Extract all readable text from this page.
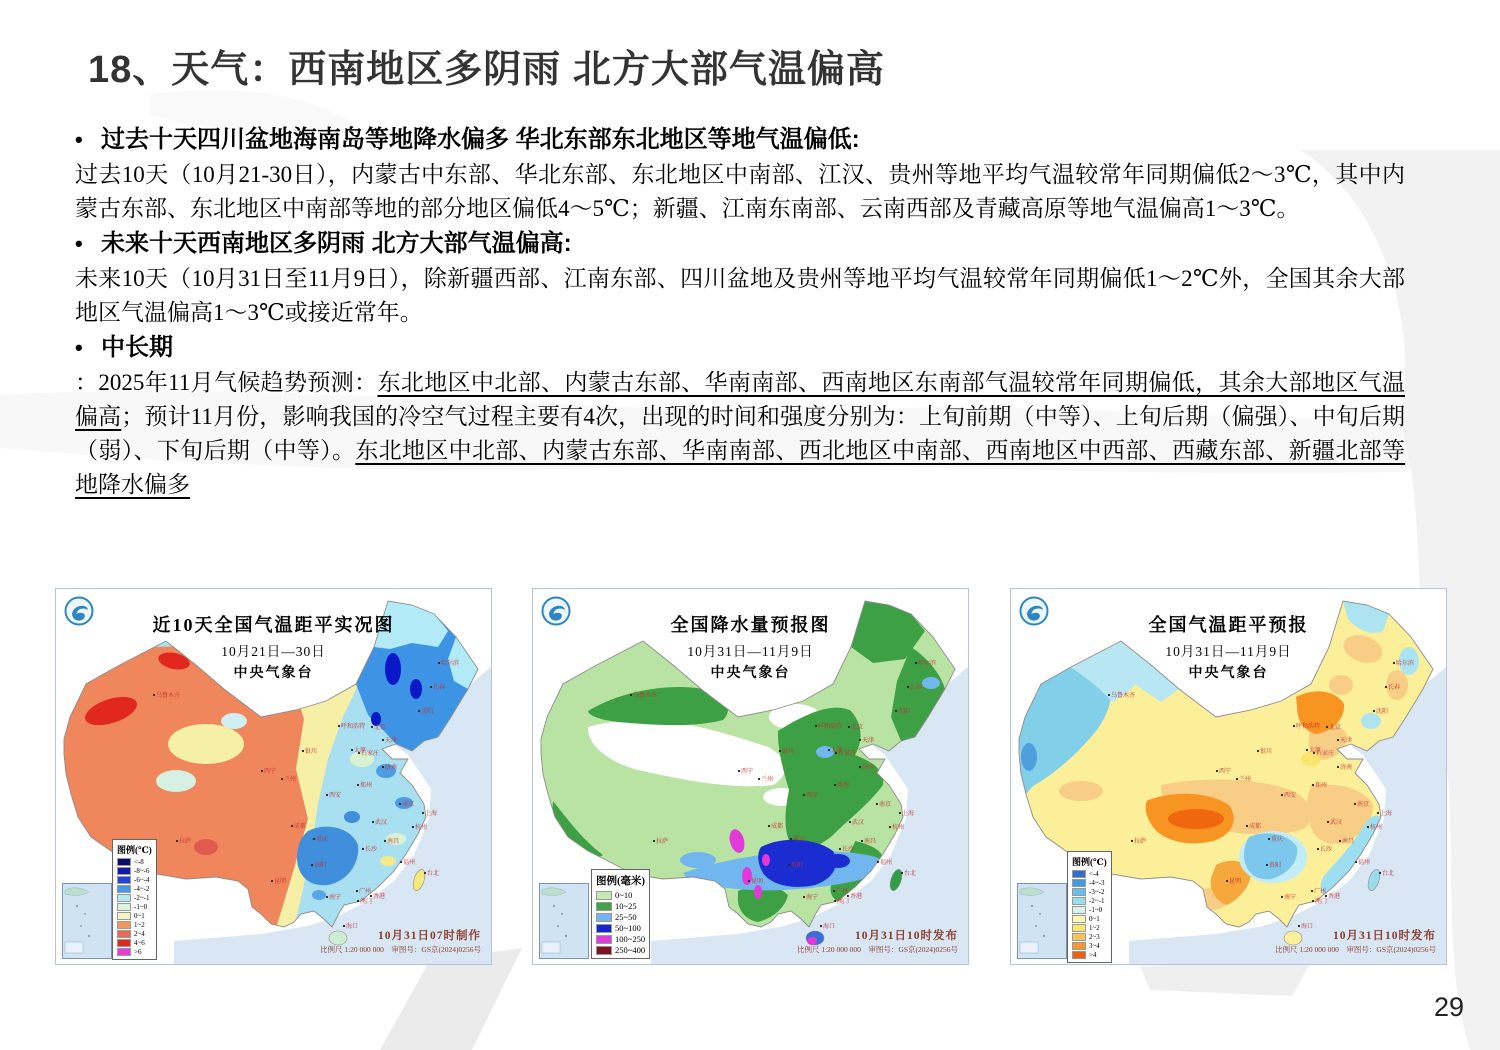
18、天气：西南地区多阴雨 北方大部气温偏高
• 过去十天四川盆地海南岛等地降水偏多 华北东部东北地区等地气温偏低:
过去10天（10月21-30日），内蒙古中东部、华北东部、东北地区中南部、江汉、贵州等地平均气温较常年同期偏低2～3℃，其中内蒙古东部、东北地区中南部等地的部分地区偏低4～5℃；新疆、江南东南部、云南西部及青藏高原等地气温偏高1～3℃。
• 未来十天西南地区多阴雨 北方大部气温偏高:
未来10天（10月31日至11月9日），除新疆西部、江南东部、四川盆地及贵州等地平均气温较常年同期偏低1～2℃外，全国其余大部地区气温偏高1～3℃或接近常年。
• 中长期
：2025年11月气候趋势预测：东北地区中北部、内蒙古东部、华南南部、西南地区东南部气温较常年同期偏低，其余大部地区气温偏高；预计11月份，影响我国的冷空气过程主要有4次，出现的时间和强度分别为：上旬前期（中等）、上旬后期（偏强）、中旬后期（弱）、下旬后期（中等）。东北地区中北部、内蒙古东部、华南南部、西北地区中南部、西南地区中西部、西藏东部、新疆北部等地降水偏多
乌鲁木齐
哈尔滨
长春
沈阳
北京
天津
石家庄
济南
呼和浩特
太原
银川
西宁
兰州
西安
郑州
南京
上海
杭州
武汉
长沙
南昌
福州
台北
广州
香港
澳门
南宁
海口
成都
重庆
贵阳
昆明
拉萨
近10天全国气温距平实况图
10月21日—30日
中央气象台
图例(℃)
<-8
-8~-6
-6~-4
-4~-2
-2~-1
-1~0
0~1
1~2
2~4
4~6
>6
10月31日07时制作
比例尺 1:20 000 000　审图号：GS京(2024)0256号
乌鲁木齐
哈尔滨
长春
沈阳
北京
天津
石家庄
济南
呼和浩特
太原
银川
西宁
兰州
西安
郑州
南京
上海
杭州
武汉
长沙
南昌
福州
台北
广州
香港
澳门
南宁
海口
成都
重庆
贵阳
昆明
拉萨
全国降水量预报图
10月31日—11月9日
中央气象台
图例(毫米)
0~10
10~25
25~50
50~100
100~250
250~400
10月31日10时发布
比例尺 1:20 000 000　审图号：GS京(2024)0256号
乌鲁木齐
哈尔滨
长春
沈阳
北京
天津
石家庄
济南
呼和浩特
太原
银川
西宁
兰州
西安
郑州
南京
上海
杭州
武汉
长沙
南昌
福州
台北
广州
香港
澳门
南宁
海口
成都
重庆
贵阳
昆明
拉萨
全国气温距平预报
10月31日—11月9日
中央气象台
图例(℃)
<-4
-4~-3
-3~-2
-2~-1
-1~0
0~1
1~2
2~3
3~4
>4
10月31日10时发布
比例尺 1:20 000 000　审图号：GS京(2024)0256号
29
